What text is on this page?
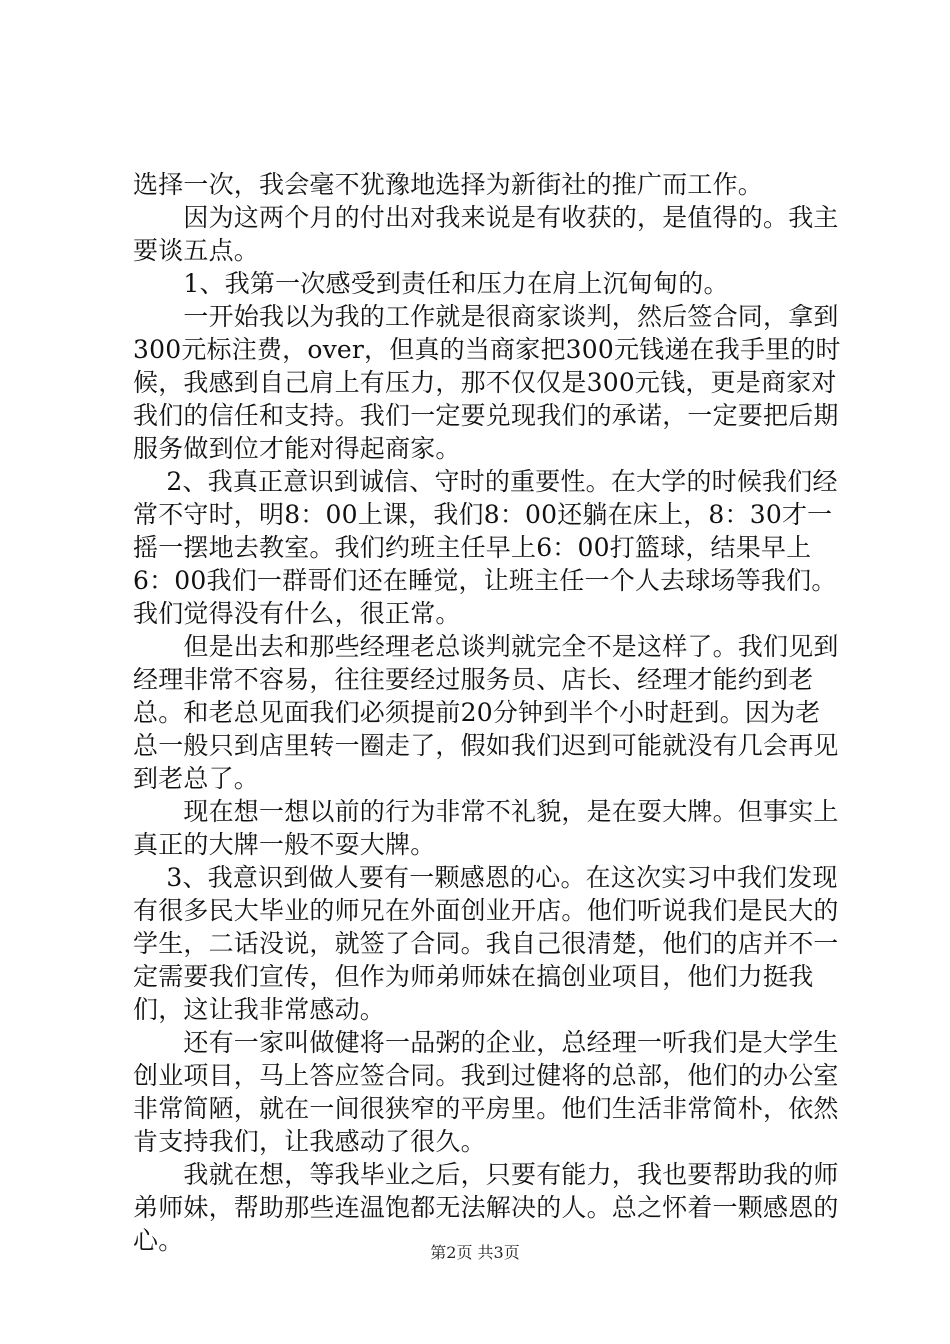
选择一次，我会毫不犹豫地选择为新街社的推广而工作。

　　因为这两个月的付出对我来说是有收获的，是值得的。我主要谈五点。

　　1、我第一次感受到责任和压力在肩上沉甸甸的。

　　一开始我以为我的工作就是很商家谈判，然后签合同，拿到300元标注费，over，但真的当商家把300元钱递在我手里的时候，我感到自己肩上有压力，那不仅仅是300元钱，更是商家对我们的信任和支持。我们一定要兑现我们的承诺，一定要把后期服务做到位才能对得起商家。

　 2、我真正意识到诚信、守时的重要性。在大学的时候我们经常不守时，明8：00上课，我们8：00还躺在床上，8：30才一摇一摆地去教室。我们约班主任早上6：00打篮球，结果早上6：00我们一群哥们还在睡觉，让班主任一个人去球场等我们。我们觉得没有什么，很正常。

　　但是出去和那些经理老总谈判就完全不是这样了。我们见到经理非常不容易，往往要经过服务员、店长、经理才能约到老总。和老总见面我们必须提前20分钟到半个小时赶到。因为老总一般只到店里转一圈走了，假如我们迟到可能就没有几会再见到老总了。

　　现在想一想以前的行为非常不礼貌，是在耍大牌。但事实上真正的大牌一般不耍大牌。

　 3、我意识到做人要有一颗感恩的心。在这次实习中我们发现有很多民大毕业的师兄在外面创业开店。他们听说我们是民大的学生，二话没说，就签了合同。我自己很清楚，他们的店并不一定需要我们宣传，但作为师弟师妹在搞创业项目，他们力挺我们，这让我非常感动。

　　还有一家叫做健将一品粥的企业，总经理一听我们是大学生创业项目，马上答应签合同。我到过健将的总部，他们的办公室非常简陋，就在一间很狭窄的平房里。他们生活非常简朴，依然肯支持我们，让我感动了很久。

　　我就在想，等我毕业之后，只要有能力，我也要帮助我的师弟师妹，帮助那些连温饱都无法解决的人。总之怀着一颗感恩的心。	第2页 共3页
